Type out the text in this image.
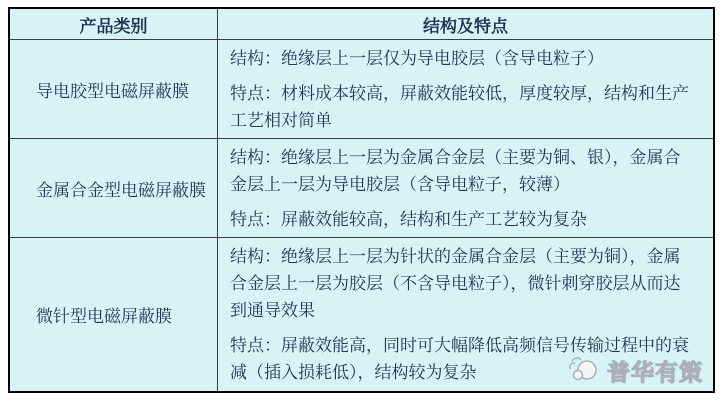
产品类别	结构及特点
导电胶型电磁屏蔽膜

结构：绝缘层上一层仅为导电胶层（含导电粒子）

特点：材料成本较高，屏蔽效能较低，厚度较厚，结构和生产工艺相对简单

金属合金型电磁屏蔽膜

结构：绝缘层上一层为金属合金层（主要为铜、银），金属合金层上一层为导电胶层（含导电粒子，较薄）

特点：屏蔽效能较高，结构和生产工艺较为复杂

微针型电磁屏蔽膜

结构：绝缘层上一层为针状的金属合金层（主要为铜），金属合金层上一层为胶层（不含导电粒子），微针刺穿胶层从而达到通导效果

特点：屏蔽效能高，同时可大幅降低高频信号传输过程中的衰减（插入损耗低），结构较为复杂	普华有策
